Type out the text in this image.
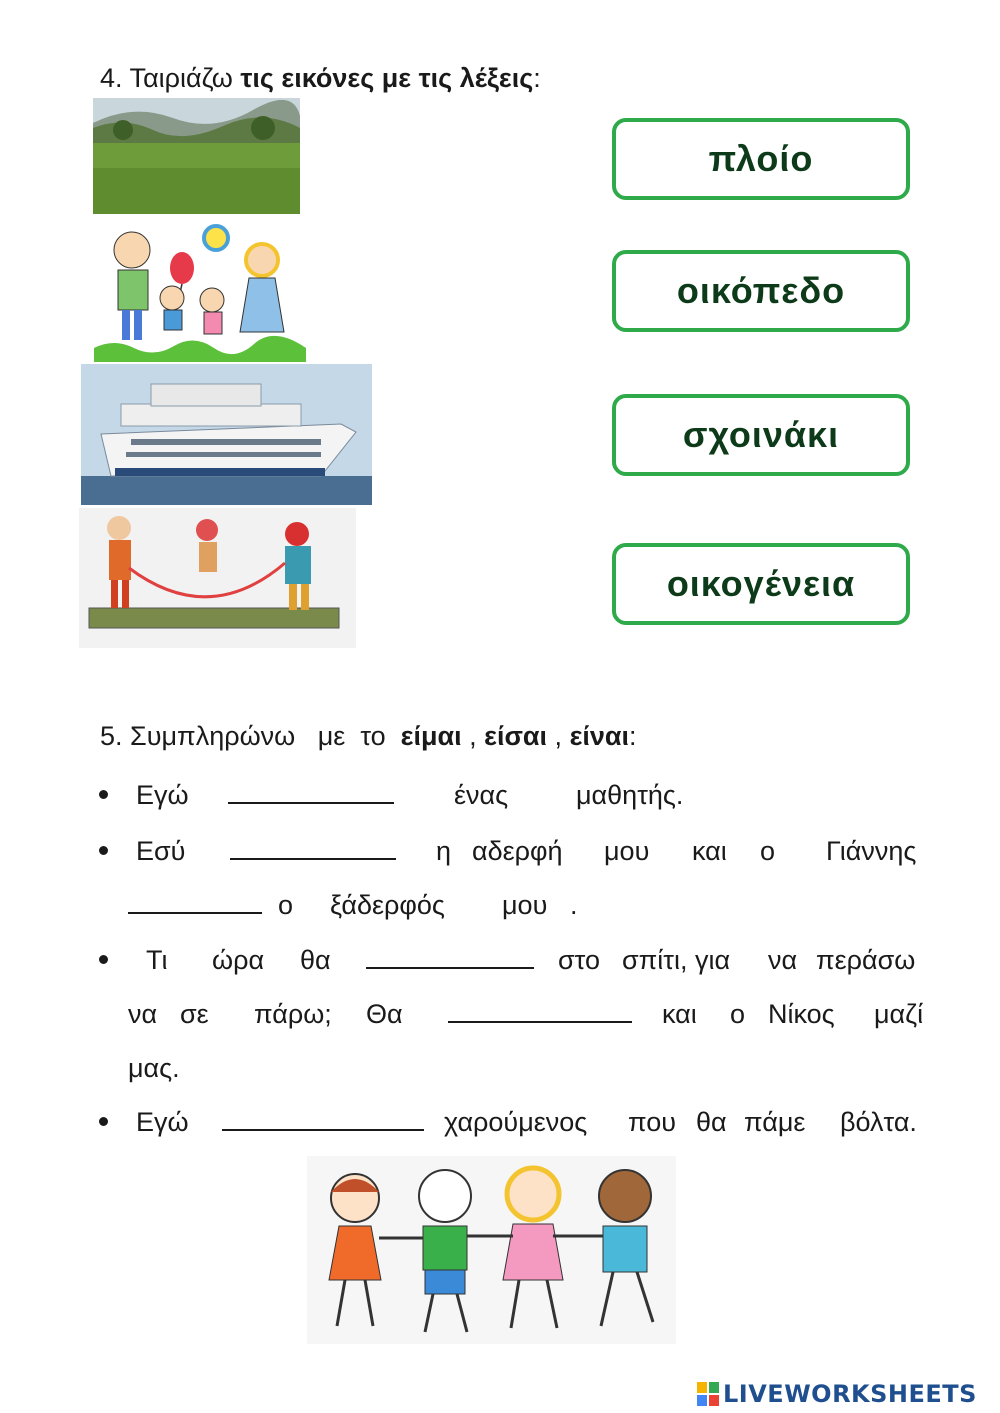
4. Ταιριάζω τις εικόνες με τις λέξεις:
πλοίο
οικόπεδο
σχοινάκι
οικογένεια
5. Συμπληρώνω   με  το είμαι , είσαι , είναι:
Εγώ	ένας	μαθητής.
Εσύ	η αδερφή μου και ο Γιάννης
ο ξάδερφός μου .
Τι ώρα θα	στο σπίτι, για να περάσω
να σε πάρω; Θα	και ο Νίκος μαζί
μας.
Εγώ	χαρούμενος που θα πάμε βόλτα.
LIVEWORKSHEETS
